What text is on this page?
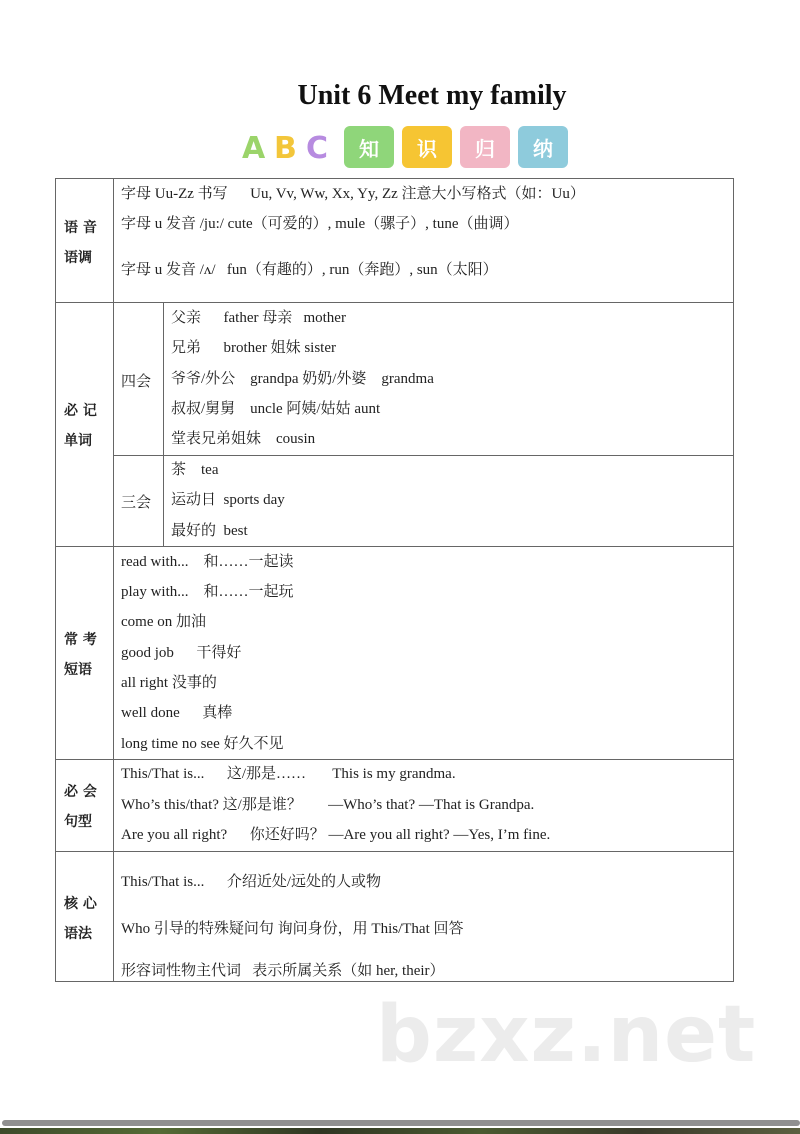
Unit 6 Meet my family
A B C	知	识	归	纳
语 音
语调
字母 Uu-Zz 书写      Uu, Vv, Ww, Xx, Yy, Zz 注意大小写格式（如：Uu）
字母 u 发音 /ju:/ cute（可爱的）, mule（骡子）, tune（曲调）
字母 u 发音 /ʌ/   fun（有趣的）, run（奔跑）, sun（太阳）
必 记
单词
四会
父亲      father 母亲   mother
兄弟      brother 姐妹 sister
爷爷/外公    grandpa 奶奶/外婆    grandma
叔叔/舅舅    uncle 阿姨/姑姑 aunt
堂表兄弟姐妹    cousin
三会
茶    tea
运动日  sports day
最好的  best
常 考
短语
read with...    和……一起读
play with...    和……一起玩
come on 加油
good job      干得好
all right 没事的
well done      真棒
long time no see 好久不见
必 会
句型
This/That is...      这/那是……       This is my grandma.
Who’s this/that? 这/那是谁？       —Who’s that? —That is Grandpa.
Are you all right?      你还好吗？ —Are you all right? —Yes, I’m fine.
核 心
语法
This/That is...      介绍近处/远处的人或物
Who 引导的特殊疑问句 询问身份，用 This/That 回答
形容词性物主代词   表示所属关系（如 her, their）
bzxz.net
